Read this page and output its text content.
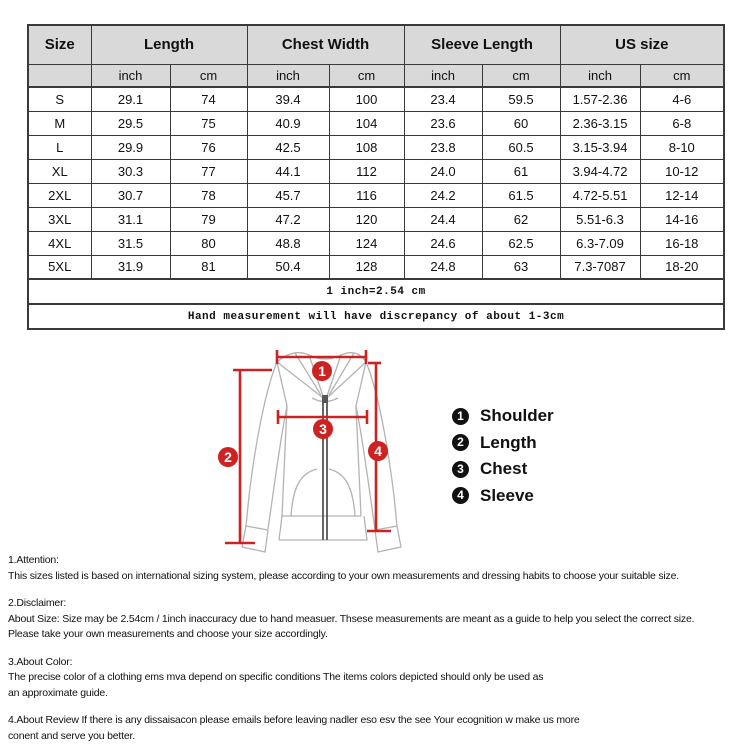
Size	Length		Chest Width		Sleeve Length		US size	
	inch	cm	inch	cm	inch	cm	inch	cm
S	29.1	74	39.4	100	23.4	59.5	1.57-2.36	4-6
M	29.5	75	40.9	104	23.6	60	2.36-3.15	6-8
L	29.9	76	42.5	108	23.8	60.5	3.15-3.94	8-10
XL	30.3	77	44.1	112	24.0	61	3.94-4.72	10-12
2XL	30.7	78	45.7	116	24.2	61.5	4.72-5.51	12-14
3XL	31.1	79	47.2	120	24.4	62	5.51-6.3	14-16
4XL	31.5	80	48.8	124	24.6	62.5	6.3-7.09	16-18
5XL	31.9	81	50.4	128	24.8	63	7.3-7087	18-20
1 inch=2.54 cm								
Hand measurement will have discrepancy of about 1-3cm								
1
2
3
4
1 Shoulder
2 Length
3 Chest
4 Sleeve
1.Attention:
This sizes listed is based on international sizing system, please according to your own measurements and dressing habits to choose your suitable size.
2.Disclaimer:
About Size: Size may be 2.54cm / 1inch inaccuracy due to hand measuer. Thsese measurements are meant as a guide to help you select the correct size.
Please take your own measurements and choose your size accordingly.
3.About Color:
The precise color of a clothing ems mva depend on specific conditions The items colors depicted should only be used as
an approximate guide.
4.About Review If there is any dissaisacon please emails before leaving nadler eso esv the see Your ecognition w make us more
conent and serve you better.
